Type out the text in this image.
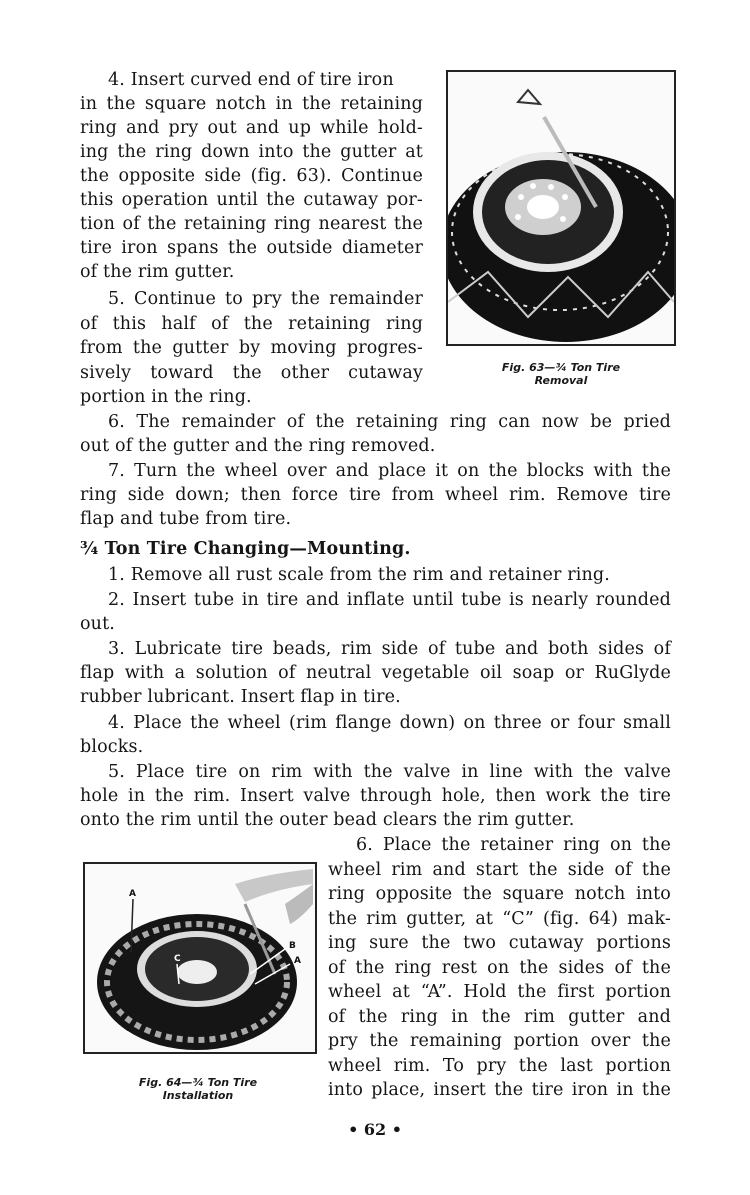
4. Insert curved end of tire iron
in the square notch in the retaining
ring and pry out and up while hold-
ing the ring down into the gutter at
the opposite side (fig. 63). Continue
this operation until the cutaway por-
tion of the retaining ring nearest the
tire iron spans the outside diameter
of the rim gutter.
5. Continue to pry the remainder
of this half of the retaining ring
from the gutter by moving progres-
sively toward the other cutaway
portion in the ring.
Fig. 63—¾ Ton Tire
Removal
6. The remainder of the retaining ring can now be pried
out of the gutter and the ring removed.
7. Turn the wheel over and place it on the blocks with the
ring side down; then force tire from wheel rim. Remove tire
flap and tube from tire.
¾ Ton Tire Changing—Mounting.
1. Remove all rust scale from the rim and retainer ring.
2. Insert tube in tire and inflate until tube is nearly rounded
out.
3. Lubricate tire beads, rim side of tube and both sides of
flap with a solution of neutral vegetable oil soap or RuGlyde
rubber lubricant. Insert flap in tire.
4. Place the wheel (rim flange down) on three or four small
blocks.
5. Place tire on rim with the valve in line with the valve
hole in the rim. Insert valve through hole, then work the tire
onto the rim until the outer bead clears the rim gutter.
A
B
A
C
Fig. 64—¾ Ton Tire
Installation
6. Place the retainer ring on the
wheel rim and start the side of the
ring opposite the square notch into
the rim gutter, at “C” (fig. 64) mak-
ing sure the two cutaway portions
of the ring rest on the sides of the
wheel at “A”. Hold the first portion
of the ring in the rim gutter and
pry the remaining portion over the
wheel rim. To pry the last portion
into place, insert the tire iron in the
• 62 •
